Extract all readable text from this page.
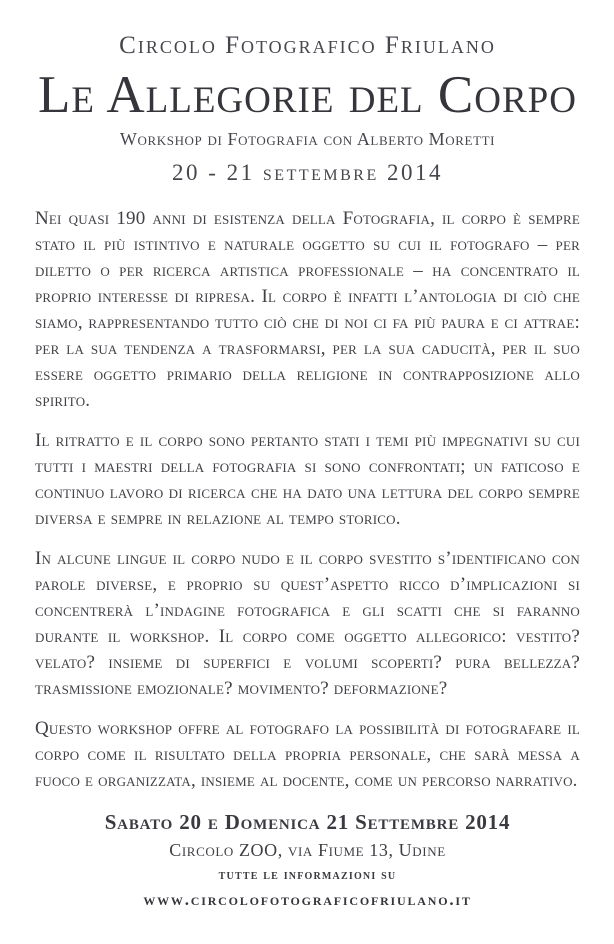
Circolo Fotografico Friulano
Le Allegorie del Corpo
Workshop di Fotografia con Alberto Moretti
20 - 21 settembre 2014

Nei quasi 190 anni di esistenza della Fotografia, il corpo è sempre stato il più istintivo e naturale oggetto su cui il fotografo – per diletto o per ricerca artistica professionale – ha concentrato il proprio interesse di ripresa. Il corpo è infatti l’antologia di ciò che siamo, rappresentando tutto ciò che di noi ci fa più paura e ci attrae: per la sua tendenza a trasformarsi, per la sua caducità, per il suo essere oggetto primario della religione in contrapposizione allo spirito.

Il ritratto e il corpo sono pertanto stati i temi più impegnativi su cui tutti i maestri della fotografia si sono confrontati; un faticoso e continuo lavoro di ricerca che ha dato una lettura del corpo sempre diversa e sempre in relazione al tempo storico.

In alcune lingue il corpo nudo e il corpo svestito s’identificano con parole diverse, e proprio su quest’aspetto ricco d’implicazioni si concentrerà l’indagine fotografica e gli scatti che si faranno durante il workshop. Il corpo come oggetto allegorico: vestito? velato? insieme di superfici e volumi scoperti? pura bellezza? trasmissione emozionale? movimento? deformazione?

Questo workshop offre al fotografo la possibilità di fotografare il corpo come il risultato della propria personale, che sarà messa a fuoco e organizzata, insieme al docente, come un percorso narrativo.

Sabato 20 e Domenica 21 Settembre 2014
Circolo ZOO, via Fiume 13, Udine
tutte le informazioni su
www.circolofotograficofriulano.it
